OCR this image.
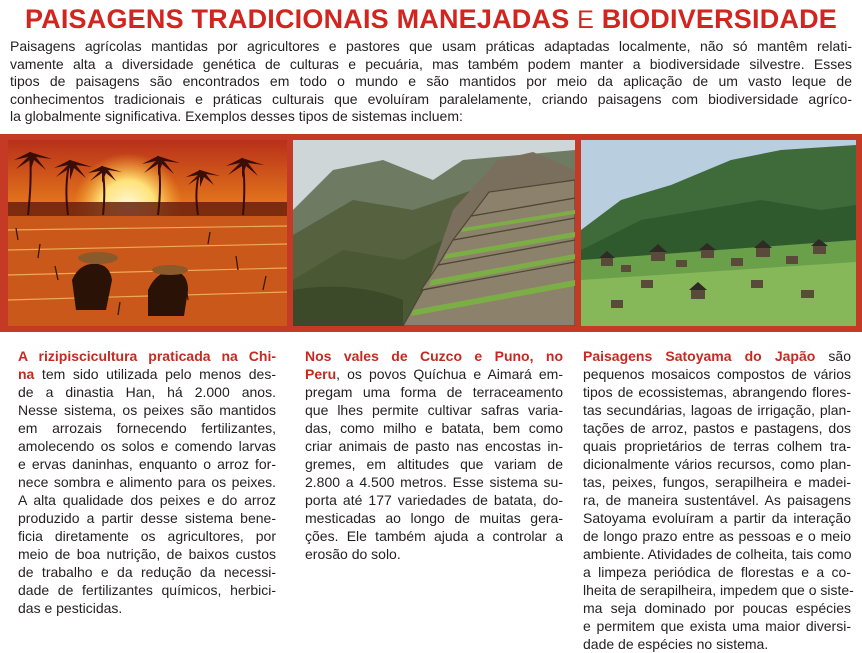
PAISAGENS TRADICIONAIS MANEJADAS E BIODIVERSIDADE
Paisagens agrícolas mantidas por agricultores e pastores que usam práticas adaptadas localmente, não só mantêm relati-
vamente alta a diversidade genética de culturas e pecuária, mas também podem manter a biodiversidade silvestre. Esses
tipos de paisagens são encontrados em todo o mundo e são mantidos por meio da aplicação de um vasto leque de
conhecimentos tradicionais e práticas culturais que evoluíram paralelamente, criando paisagens com biodiversidade agríco-
la globalmente significativa. Exemplos desses tipos de sistemas incluem:
A rizipiscicultura praticada na Chi-
na tem sido utilizada pelo menos des-
de a dinastia Han, há 2.000 anos.
Nesse sistema, os peixes são mantidos
em arrozais fornecendo fertilizantes,
amolecendo os solos e comendo larvas
e ervas daninhas, enquanto o arroz for-
nece sombra e alimento para os peixes.
A alta qualidade dos peixes e do arroz
produzido a partir desse sistema bene-
ficia diretamente os agricultores, por
meio de boa nutrição, de baixos custos
de trabalho e da redução da necessi-
dade de fertilizantes químicos, herbici-
das e pesticidas.
Nos vales de Cuzco e Puno, no
Peru, os povos Quíchua e Aimará em-
pregam uma forma de terraceamento
que lhes permite cultivar safras varia-
das, como milho e batata, bem como
criar animais de pasto nas encostas in-
gremes, em altitudes que variam de
2.800 a 4.500 metros. Esse sistema su-
porta até 177 variedades de batata, do-
mesticadas ao longo de muitas gera-
ções. Ele também ajuda a controlar a
erosão do solo.
Paisagens Satoyama do Japão são
pequenos mosaicos compostos de vários
tipos de ecossistemas, abrangendo flores-
tas secundárias, lagoas de irrigação, plan-
tações de arroz, pastos e pastagens, dos
quais proprietários de terras colhem tra-
dicionalmente vários recursos, como plan-
tas, peixes, fungos, serapilheira e madei-
ra, de maneira sustentável. As paisagens
Satoyama evoluíram a partir da interação
de longo prazo entre as pessoas e o meio
ambiente. Atividades de colheita, tais como
a limpeza periódica de florestas e a co-
lheita de serapilheira, impedem que o siste-
ma seja dominado por poucas espécies
e permitem que exista uma maior diversi-
dade de espécies no sistema.
